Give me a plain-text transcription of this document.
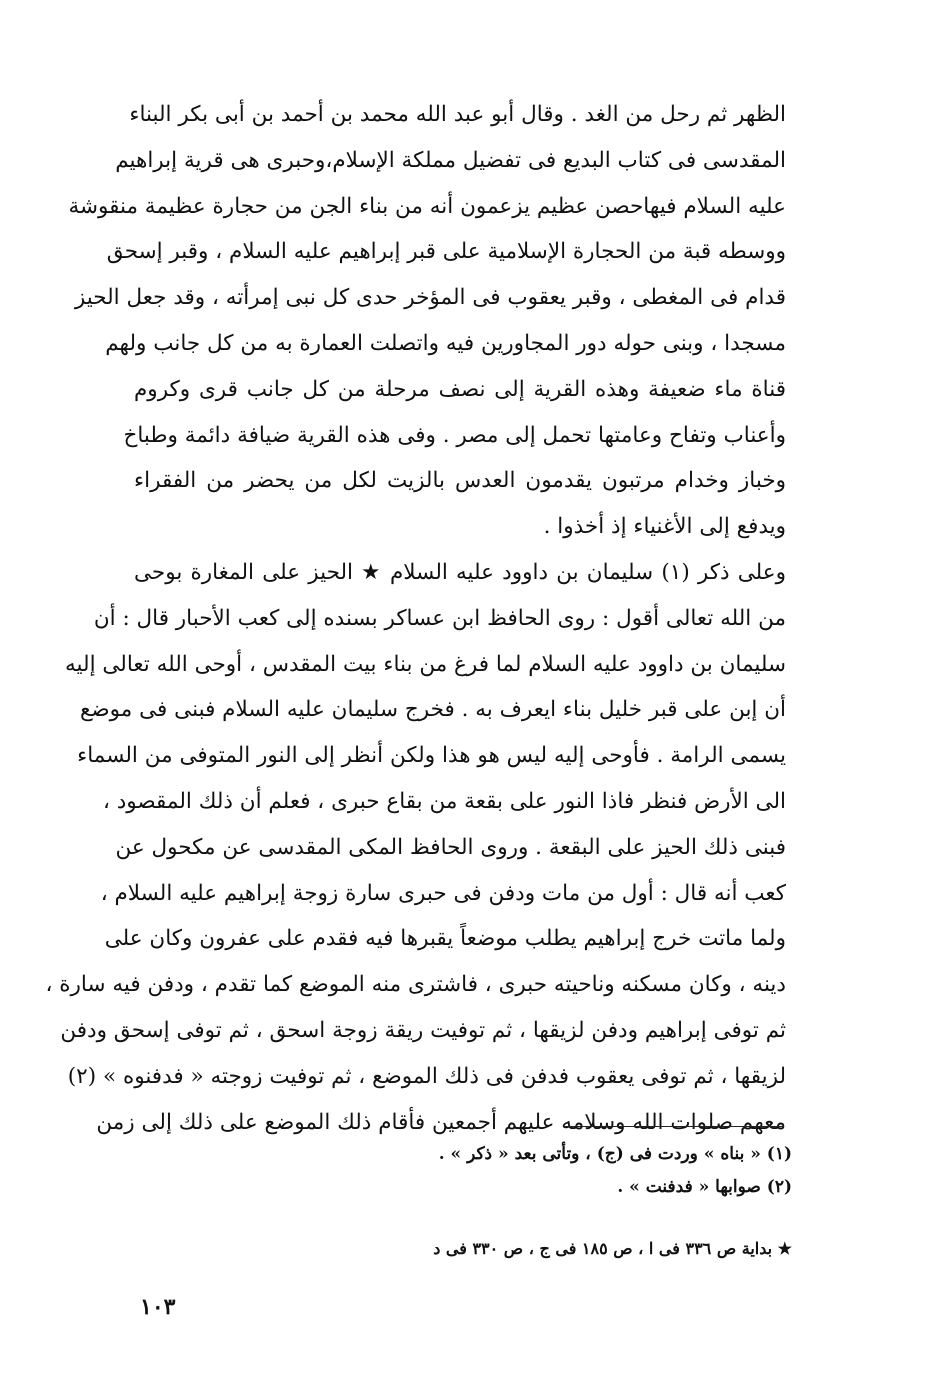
الظهر ثم رحل من الغد . وقال أبو عبد الله محمد بن أحمد بن أبى بكر البناء
المقدسى فى كتاب البديع فى تفضيل مملكة الإسلام،وحبرى هى قرية إبراهيم
عليه السلام فيهاحصن عظيم يزعمون أنه من بناء الجن من حجارة عظيمة منقوشة
ووسطه قبة من الحجارة الإسلامية على قبر إبراهيم عليه السلام ، وقبر إسحق
قدام فى المغطى ، وقبر يعقوب فى المؤخر حدى كل نبى إمرأته ، وقد جعل الحيز
مسجدا ، وبنى حوله دور المجاورين فيه واتصلت العمارة به من كل جانب ولهم
قناة ماء ضعيفة وهذه القرية إلى نصف مرحلة من كل جانب قرى وكروم
وأعناب وتفاح وعامتها تحمل إلى مصر . وفى هذه القرية ضيافة دائمة وطباخ
وخباز وخدام مرتبون يقدمون العدس بالزيت لكل من يحضر من الفقراء
ويدفع إلى الأغنياء إذ أخذوا .
وعلى ذكر (١) سليمان بن داوود عليه السلام ★ الحيز على المغارة بوحى
من الله تعالى أقول : روى الحافظ ابن عساكر بسنده إلى كعب الأحبار قال : أن
سليمان بن داوود عليه السلام لما فرغ من بناء بيت المقدس ، أوحى الله تعالى إليه
أن إبن على قبر خليل بناء ايعرف به . فخرج سليمان عليه السلام فبنى فى موضع
يسمى الرامة . فأوحى إليه ليس هو هذا ولكن أنظر إلى النور المتوفى من السماء
الى الأرض فنظر فاذا النور على بقعة من بقاع حبرى ، فعلم أن ذلك المقصود ،
فبنى ذلك الحيز على البقعة . وروى الحافظ المكى المقدسى عن مكحول عن
كعب أنه قال : أول من مات ودفن فى حبرى سارة زوجة إبراهيم عليه السلام ،
ولما ماتت خرج إبراهيم يطلب موضعاً يقبرها فيه فقدم على عفرون وكان على
دينه ، وكان مسكنه وناحيته حبرى ، فاشترى منه الموضع كما تقدم ، ودفن فيه سارة ،
ثم توفى إبراهيم ودفن لزيقها ، ثم توفيت ريقة زوجة اسحق ، ثم توفى إسحق ودفن
لزيقها ، ثم توفى يعقوب فدفن فى ذلك الموضع ، ثم توفيت زوجته « فدفنوه » (٢)
معهم صلوات الله وسلامه عليهم أجمعين فأقام ذلك الموضع على ذلك إلى زمن
(١) « بناه » وردت فى (ج) ، وتأتى بعد « ذكر » .
(٢) صوابها « فدفنت » .
★ بداية ص ٣٣٦ فى ا ، ص ١٨٥ فى ج ، ص ٣٣٠ فى د
١٠٣
